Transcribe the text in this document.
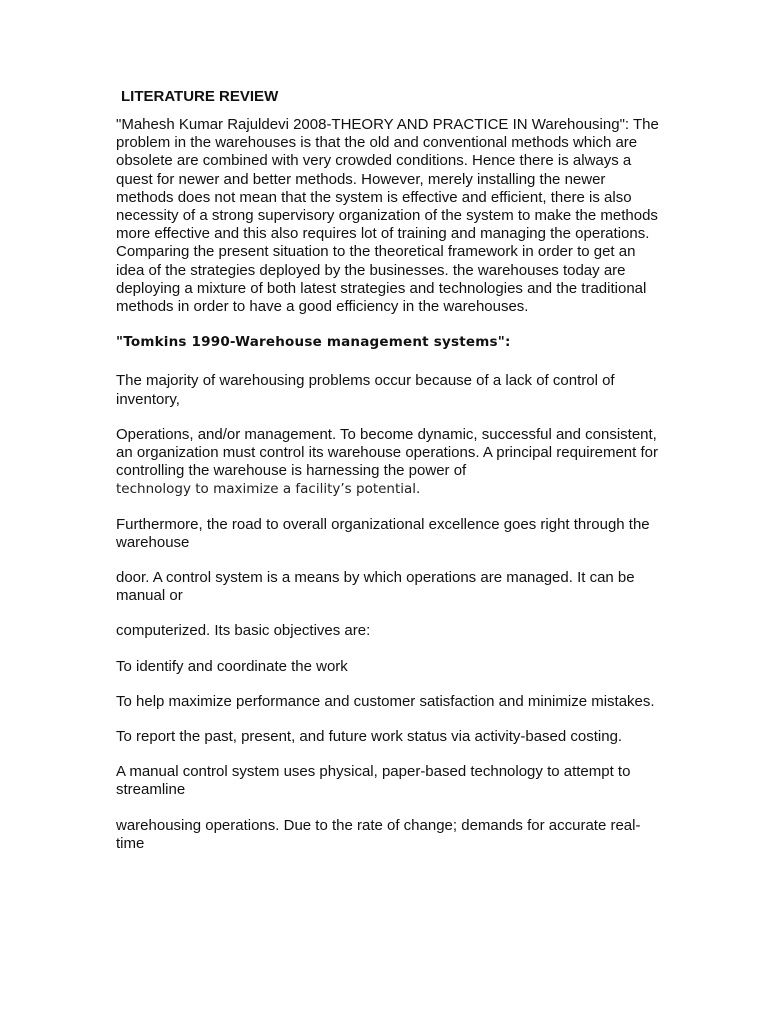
LITERATURE REVIEW

"Mahesh Kumar Rajuldevi 2008-THEORY AND PRACTICE IN Warehousing": The problem in the warehouses is that the old and conventional methods which are obsolete are combined with very crowded conditions. Hence there is always a quest for newer and better methods. However, merely installing the newer methods does not mean that the system is effective and efficient, there is also necessity of a strong supervisory organization of the system to make the methods more effective and this also requires lot of training and managing the operations. Comparing the present situation to the theoretical framework in order to get an idea of the strategies deployed by the businesses. the warehouses today are deploying a mixture of both latest strategies and technologies and the traditional methods in order to have a good efficiency in the warehouses.

"Tomkins 1990-Warehouse management systems":

The majority of warehousing problems occur because of a lack of control of inventory,

Operations, and/or management. To become dynamic, successful and consistent, an organization must control its warehouse operations. A principal requirement for controlling the warehouse is harnessing the power of
technology to maximize a facility’s potential.

Furthermore, the road to overall organizational excellence goes right through the warehouse

door. A control system is a means by which operations are managed. It can be manual or

computerized. Its basic objectives are:

To identify and coordinate the work

To help maximize performance and customer satisfaction and minimize mistakes.

To report the past, present, and future work status via activity-based costing.

A manual control system uses physical, paper-based technology to attempt to streamline

warehousing operations. Due to the rate of change; demands for accurate real-time
